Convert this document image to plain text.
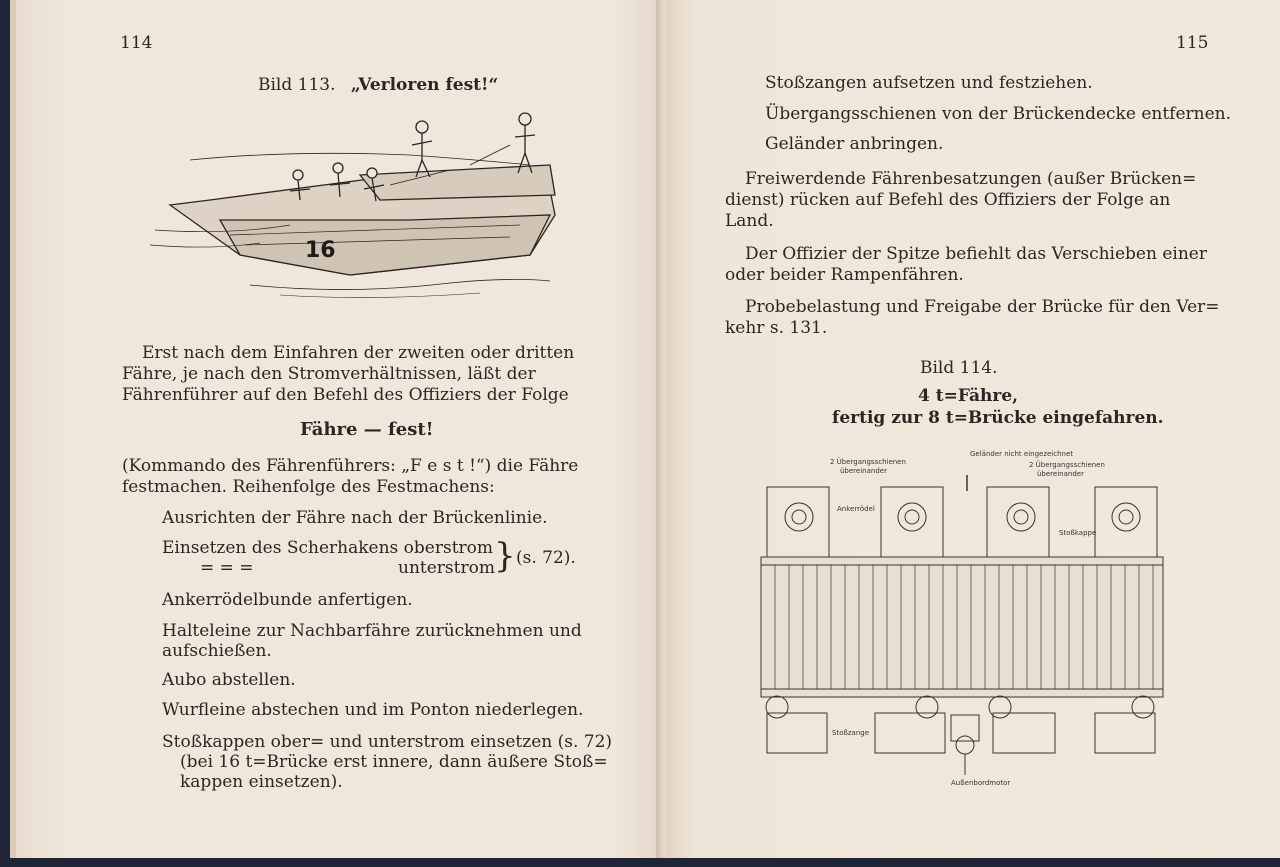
114
Bild 113. „Verloren fest!“
16
Erst nach dem Einfahren der zweiten oder dritten
Fähre, je nach den Stromverhältnissen, läßt der
Fährenführer auf den Befehl des Offiziers der Folge
Fähre — fest!
(Kommando des Fährenführers: „F e s t !“) die Fähre
festmachen. Reihenfolge des Festmachens:
Ausrichten der Fähre nach der Brückenlinie.
Einsetzen des Scherhakens oberstrom
= = =	unterstrom } (s. 72).
Ankerrödelbunde anfertigen.
Halteleine zur Nachbarfähre zurücknehmen und
aufschießen.
Aubo abstellen.
Wurfleine abstechen und im Ponton niederlegen.
Stoßkappen ober= und unterstrom einsetzen (s. 72)
(bei 16 t=Brücke erst innere, dann äußere Stoß=
kappen einsetzen).
115
Stoßzangen aufsetzen und festziehen.
Übergangsschienen von der Brückendecke entfernen.
Geländer anbringen.
Freiwerdende Fährenbesatzungen (außer Brücken=
dienst) rücken auf Befehl des Offiziers der Folge an
Land.
Der Offizier der Spitze befiehlt das Verschieben einer
oder beider Rampenfähren.
Probebelastung und Freigabe der Brücke für den Ver=
kehr s. 131.
Bild 114.
4 t=Fähre,
fertig zur 8 t=Brücke eingefahren.
2 Übergangsschienen
übereinander
Geländer nicht eingezeichnet
2 Übergangsschienen
übereinander
Ankerrödel
Stoßkappe
Stoßzange
Außenbordmotor
